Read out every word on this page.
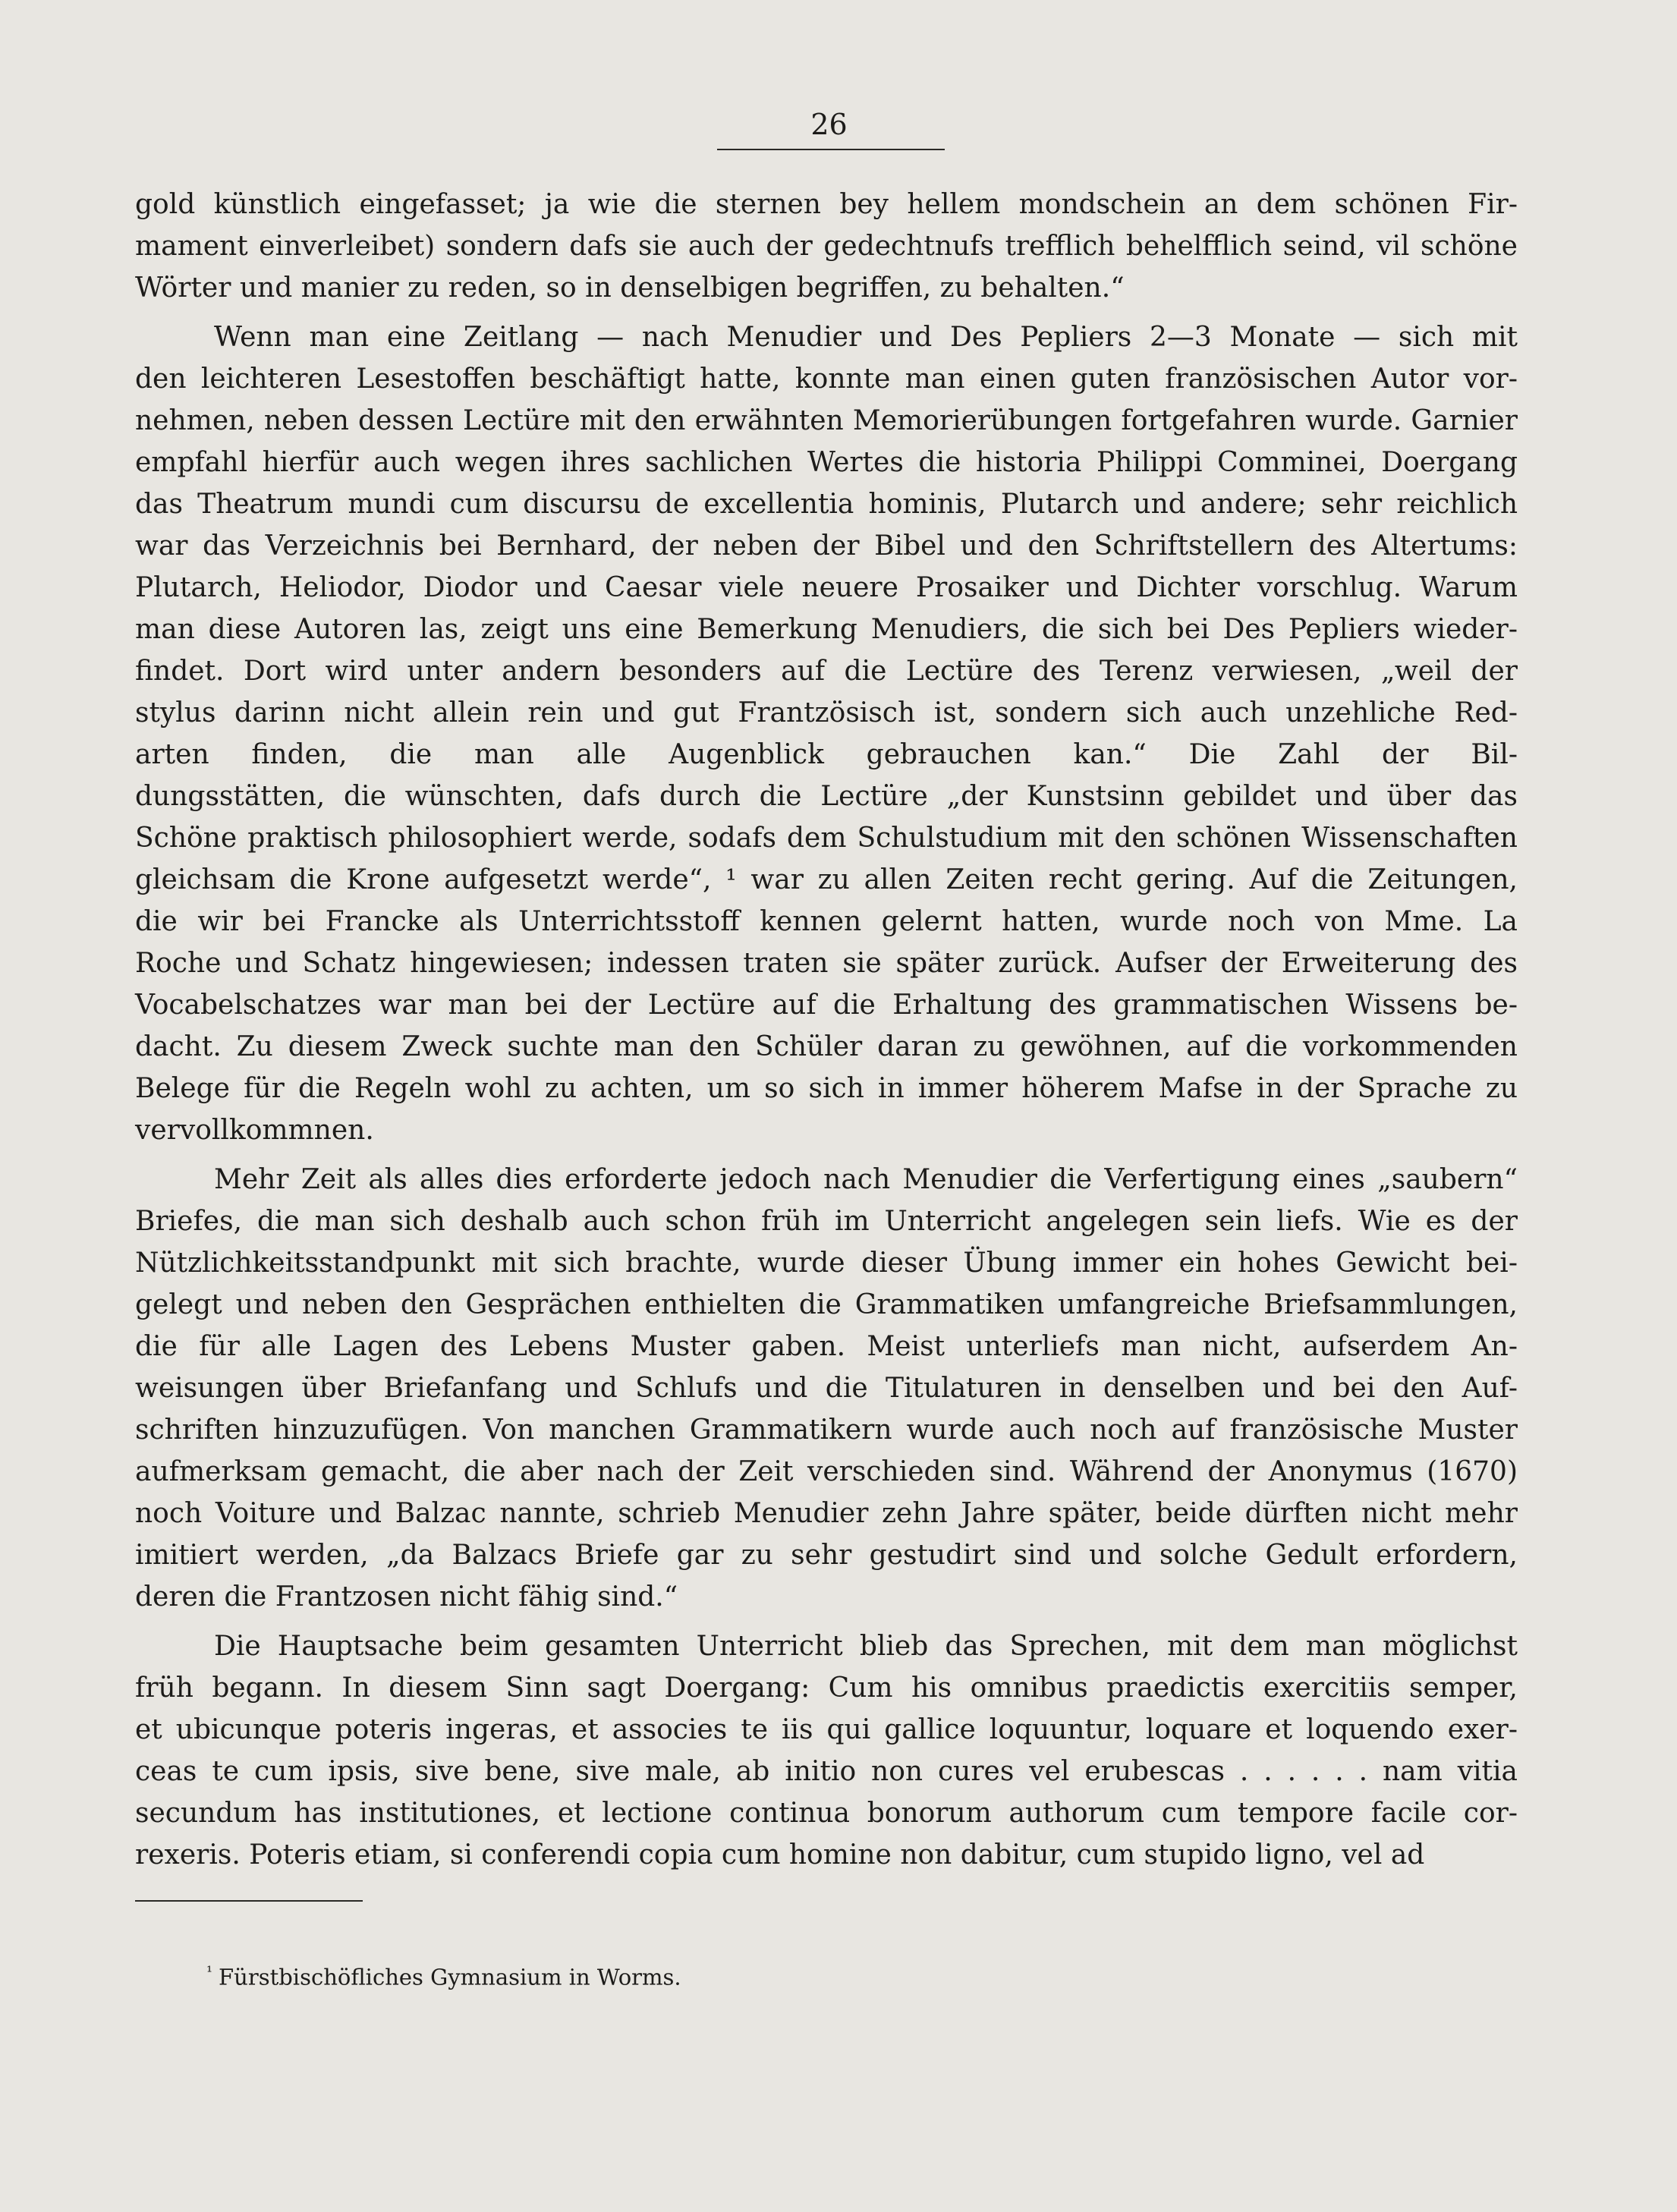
26
gold künstlich eingefasset; ja wie die sternen bey hellem mondschein an dem schönen Fir-
mament einverleibet) sondern dafs sie auch der gedechtnufs trefflich behelfflich seind, vil schöne
Wörter und manier zu reden, so in denselbigen begriffen, zu behalten.“
Wenn man eine Zeitlang — nach Menudier und Des Pepliers 2—3 Monate — sich mit
den leichteren Lesestoffen beschäftigt hatte, konnte man einen guten französischen Autor vor-
nehmen, neben dessen Lectüre mit den erwähnten Memorierübungen fortgefahren wurde. Garnier
empfahl hierfür auch wegen ihres sachlichen Wertes die historia Philippi Comminei, Doergang
das Theatrum mundi cum discursu de excellentia hominis, Plutarch und andere; sehr reichlich
war das Verzeichnis bei Bernhard, der neben der Bibel und den Schriftstellern des Altertums:
Plutarch, Heliodor, Diodor und Caesar viele neuere Prosaiker und Dichter vorschlug. Warum
man diese Autoren las, zeigt uns eine Bemerkung Menudiers, die sich bei Des Pepliers wieder-
findet. Dort wird unter andern besonders auf die Lectüre des Terenz verwiesen, „weil der
stylus darinn nicht allein rein und gut Frantzösisch ist, sondern sich auch unzehliche Red-
arten finden, die man alle Augenblick gebrauchen kan.“ Die Zahl der Bil-
dungsstätten, die wünschten, dafs durch die Lectüre „der Kunstsinn gebildet und über das
Schöne praktisch philosophiert werde, sodafs dem Schulstudium mit den schönen Wissenschaften
gleichsam die Krone aufgesetzt werde“, ¹ war zu allen Zeiten recht gering. Auf die Zeitungen,
die wir bei Francke als Unterrichtsstoff kennen gelernt hatten, wurde noch von Mme. La
Roche und Schatz hingewiesen; indessen traten sie später zurück. Aufser der Erweiterung des
Vocabelschatzes war man bei der Lectüre auf die Erhaltung des grammatischen Wissens be-
dacht. Zu diesem Zweck suchte man den Schüler daran zu gewöhnen, auf die vorkommenden
Belege für die Regeln wohl zu achten, um so sich in immer höherem Mafse in der Sprache zu
vervollkommnen.
Mehr Zeit als alles dies erforderte jedoch nach Menudier die Verfertigung eines „saubern“
Briefes, die man sich deshalb auch schon früh im Unterricht angelegen sein liefs. Wie es der
Nützlichkeitsstandpunkt mit sich brachte, wurde dieser Übung immer ein hohes Gewicht bei-
gelegt und neben den Gesprächen enthielten die Grammatiken umfangreiche Briefsammlungen,
die für alle Lagen des Lebens Muster gaben. Meist unterliefs man nicht, aufserdem An-
weisungen über Briefanfang und Schlufs und die Titulaturen in denselben und bei den Auf-
schriften hinzuzufügen. Von manchen Grammatikern wurde auch noch auf französische Muster
aufmerksam gemacht, die aber nach der Zeit verschieden sind. Während der Anonymus (1670)
noch Voiture und Balzac nannte, schrieb Menudier zehn Jahre später, beide dürften nicht mehr
imitiert werden, „da Balzacs Briefe gar zu sehr gestudirt sind und solche Gedult erfordern,
deren die Frantzosen nicht fähig sind.“
Die Hauptsache beim gesamten Unterricht blieb das Sprechen, mit dem man möglichst
früh begann. In diesem Sinn sagt Doergang: Cum his omnibus praedictis exercitiis semper,
et ubicunque poteris ingeras, et associes te iis qui gallice loquuntur, loquare et loquendo exer-
ceas te cum ipsis, sive bene, sive male, ab initio non cures vel erubescas . . . . . . nam vitia
secundum has institutiones, et lectione continua bonorum authorum cum tempore facile cor-
rexeris. Poteris etiam, si conferendi copia cum homine non dabitur, cum stupido ligno, vel ad
$^{^1}$ Fürstbischöfliches Gymnasium in Worms.
